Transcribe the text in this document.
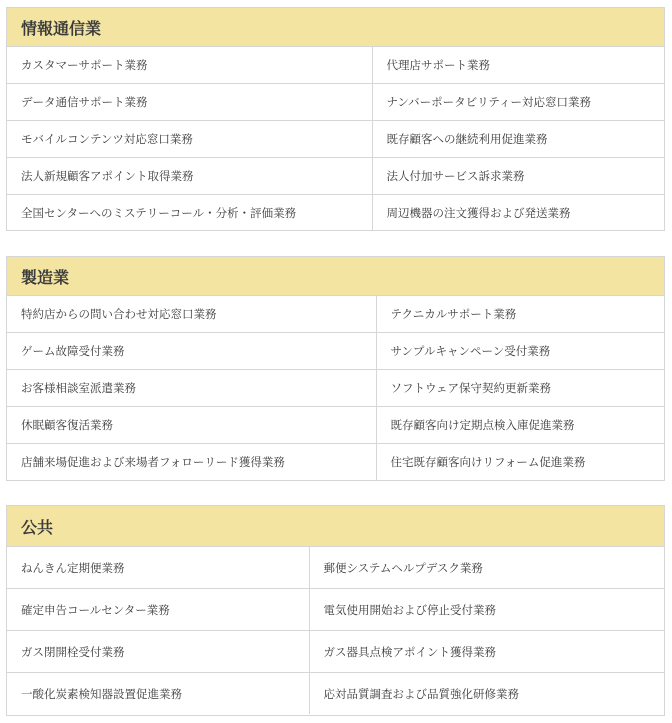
情報通信業
カスタマーサポート業務	代理店サポート業務
データ通信サポート業務	ナンバーポータビリティー対応窓口業務
モバイルコンテンツ対応窓口業務	既存顧客への継続利用促進業務
法人新規顧客アポイント取得業務	法人付加サービス訴求業務
全国センターへのミステリーコール・分析・評価業務	周辺機器の注文獲得および発送業務
製造業
特約店からの問い合わせ対応窓口業務	テクニカルサポート業務
ゲーム故障受付業務	サンプルキャンペーン受付業務
お客様相談室派遣業務	ソフトウェア保守契約更新業務
休眠顧客復活業務	既存顧客向け定期点検入庫促進業務
店舗来場促進および来場者フォローリード獲得業務	住宅既存顧客向けリフォーム促進業務
公共
ねんきん定期便業務	郵便システムヘルプデスク業務
確定申告コールセンター業務	電気使用開始および停止受付業務
ガス閉開栓受付業務	ガス器具点検アポイント獲得業務
一酸化炭素検知器設置促進業務	応対品質調査および品質強化研修業務
